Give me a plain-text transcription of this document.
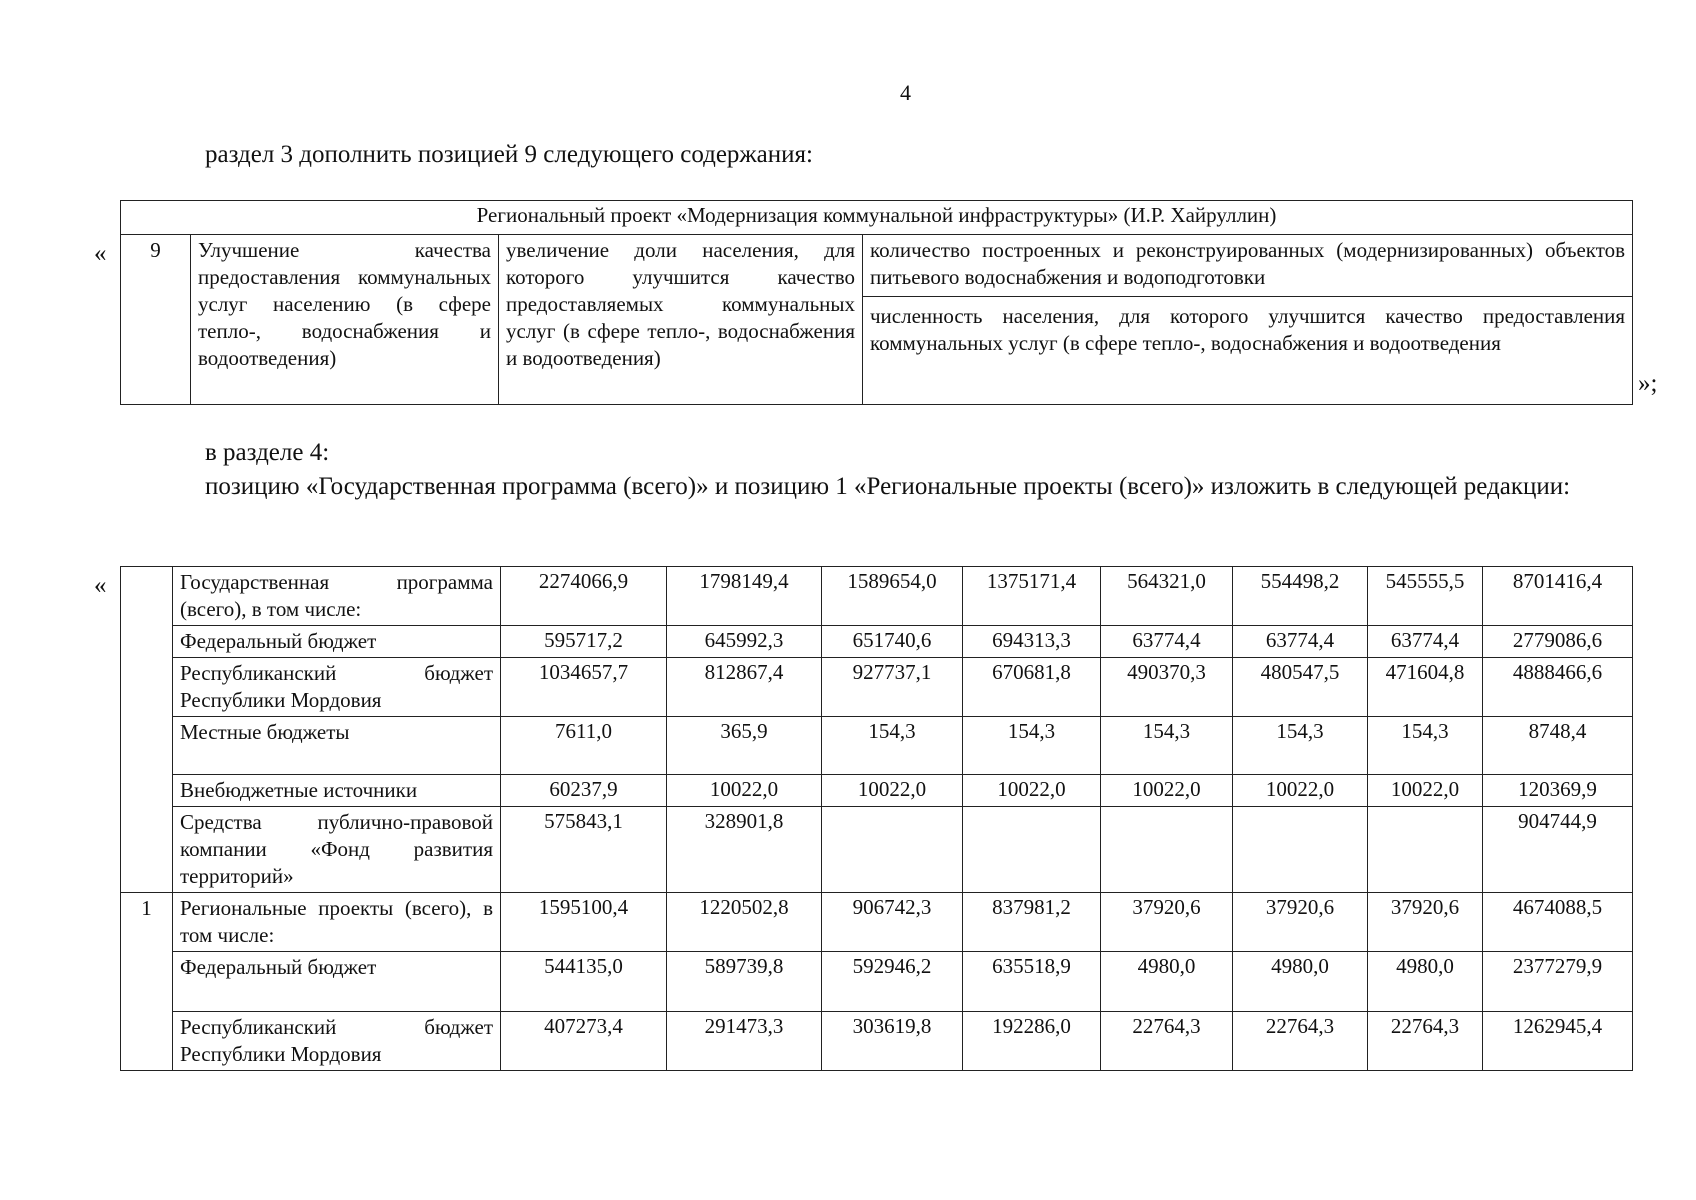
4
раздел 3 дополнить позицией 9 следующего содержания:
«
Региональный проект «Модернизация коммунальной инфраструктуры» (И.Р. Хайруллин)
9	Улучшение качества предоставления коммунальных услуг населению (в сфере тепло-, водоснабжения и водоотведения)	увеличение доли населения, для которого улучшится качество предоставляемых коммунальных услуг (в сфере тепло-, водоснабжения и водоотведения)	количество построенных и реконструированных (модернизированных) объектов питьевого водоснабжения и водоподготовки
численность населения, для которого улучшится качество предоставления коммунальных услуг (в сфере тепло-, водоснабжения и водоотведения
»;
в разделе 4:
позицию «Государственная программа (всего)» и позицию 1 «Региональные проекты (всего)» изложить в следующей редакции:
«
		Государственная программа (всего), в том числе:	2274066,9	1798149,4	1589654,0	1375171,4	564321,0	554498,2	545555,5	8701416,4
	Федеральный бюджет	595717,2	645992,3	651740,6	694313,3	63774,4	63774,4	63774,4	2779086,6
	Республиканский бюджет Республики Мордовия	1034657,7	812867,4	927737,1	670681,8	490370,3	480547,5	471604,8	4888466,6
	Местные бюджеты	7611,0	365,9	154,3	154,3	154,3	154,3	154,3	8748,4
	Внебюджетные источники	60237,9	10022,0	10022,0	10022,0	10022,0	10022,0	10022,0	120369,9
	Средства публично-правовой компании «Фонд развития территорий»	575843,1	328901,8						904744,9
1	Региональные проекты (всего), в том числе:	1595100,4	1220502,8	906742,3	837981,2	37920,6	37920,6	37920,6	4674088,5
	Федеральный бюджет	544135,0	589739,8	592946,2	635518,9	4980,0	4980,0	4980,0	2377279,9
	Республиканский бюджет Республики Мордовия	407273,4	291473,3	303619,8	192286,0	22764,3	22764,3	22764,3	1262945,4
